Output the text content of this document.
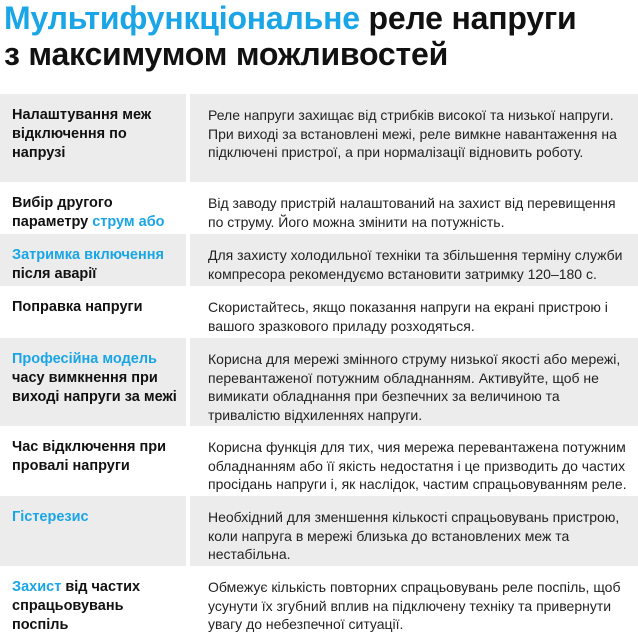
Мультифункціональне реле напруги
з максимумом можливостей
Налаштування меж відключення по напрузі
Реле напруги захищає від стрибків високої та низької напруги. При виході за встановлені межі, реле вимкне навантаження на підключені пристрої, а при нормалізації відновить роботу.
Вибір другого параметру струм або
Від заводу пристрій налаштований на захист від перевищення по струму. Його можна змінити на потужність.
Затримка включення після аварії
Для захисту холодильної техніки та збільшення терміну служби компресора рекомендуємо встановити затримку 120–180 с.
Поправка напруги	Скористайтесь, якщо показання напруги на екрані пристрою і вашого зразкового приладу розходяться.
Професійна модель часу вимкнення при виході напруги за межі
Корисна для мережі змінного струму низької якості або мережі, перевантаженої потужним обладнанням. Активуйте, щоб не вимикати обладнання при безпечних за величиною та тривалістю відхиленнях напруги.
Час відключення при провалі напруги
Корисна функція для тих, чия мережа перевантажена потужним обладнанням або її якість недостатня і це призводить до частих просідань напруги і, як наслідок, частим спрацьовуванням реле.
Гістерезис	Необхідний для зменшення кількості спрацьовувань пристрою, коли напруга в мережі близька до встановлених меж та нестабільна.
Захист від частих спрацьовувань поспіль
Обмежує кількість повторних спрацьовувань реле поспіль, щоб усунути їх згубний вплив на підключену техніку та привернути увагу до небезпечної ситуації.
